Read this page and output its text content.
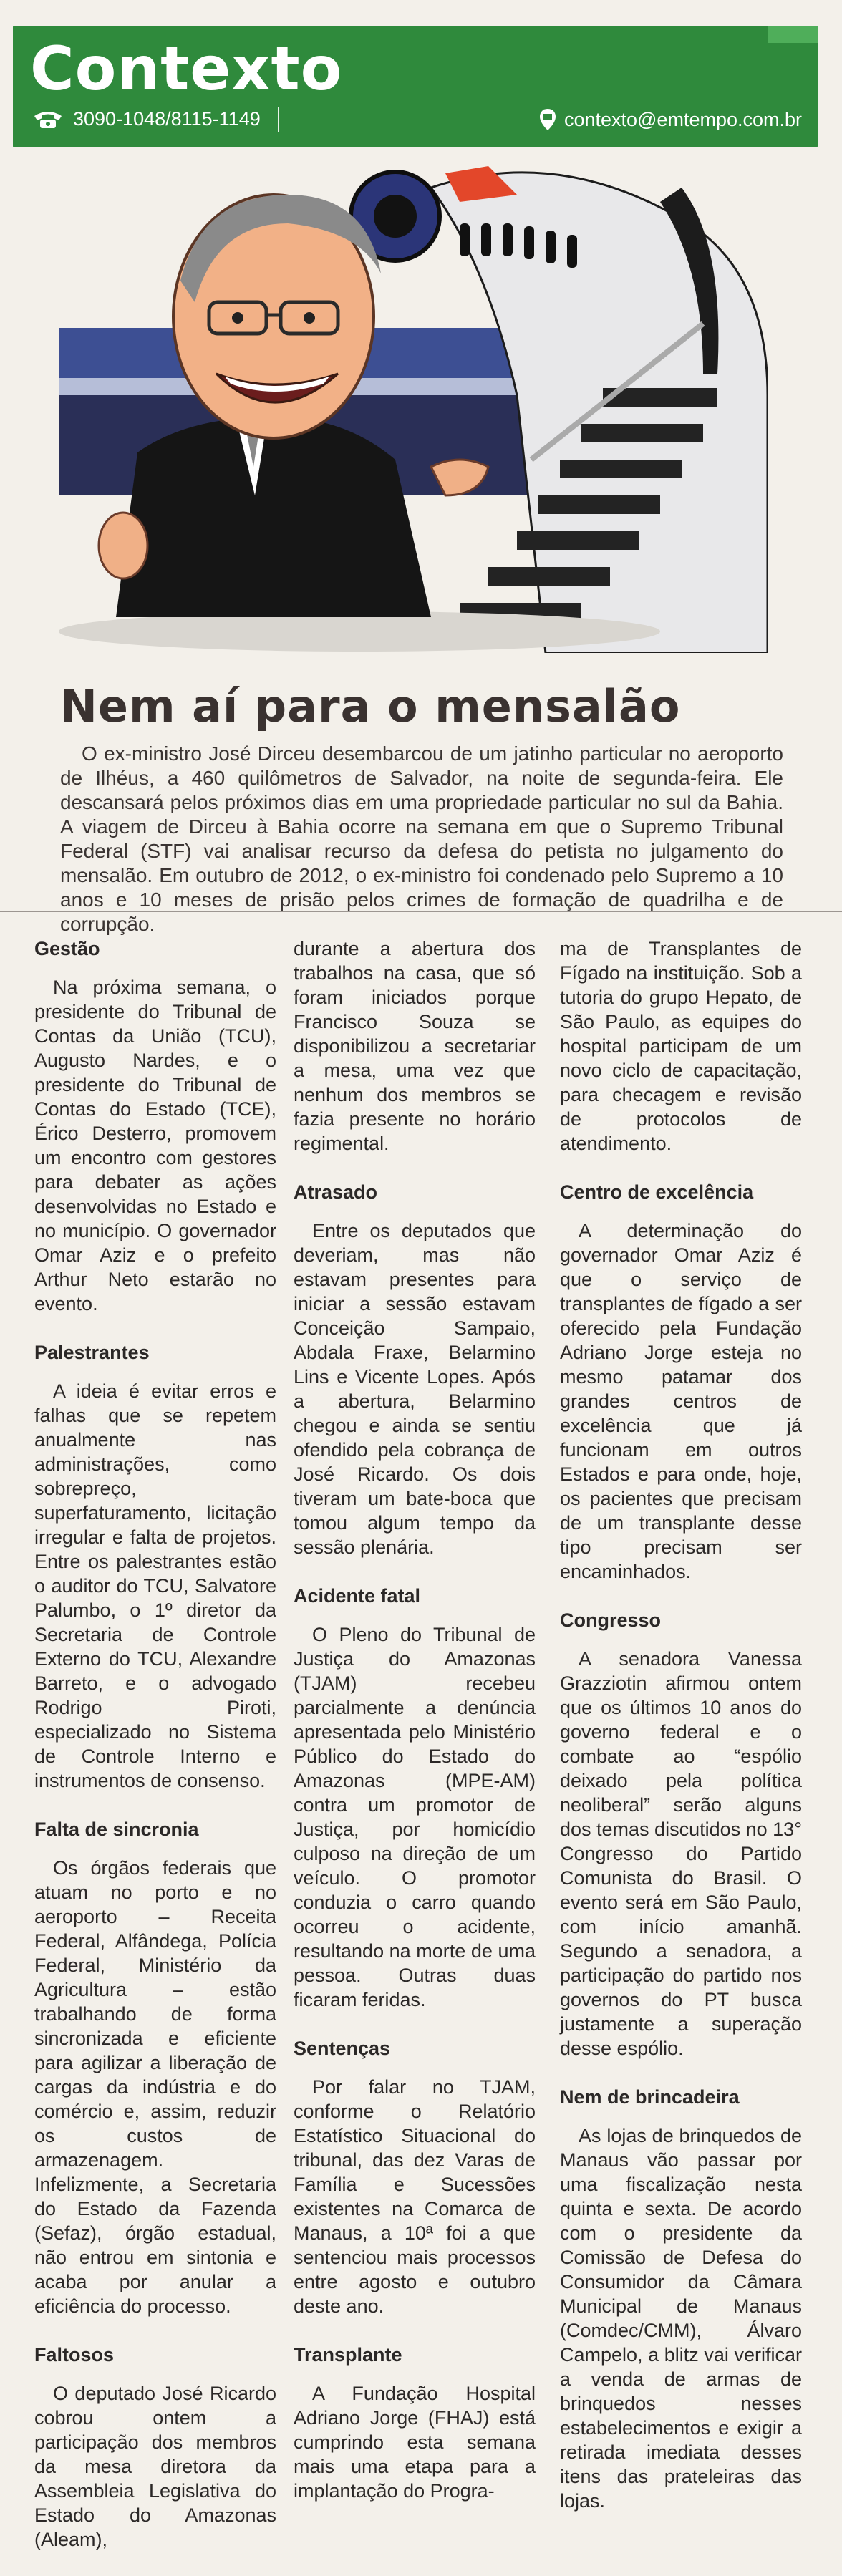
Contexto
3090-1048/8115-1149	contexto@emtempo.com.br
Nem aí para o mensalão

O ex-ministro José Dirceu desembarcou de um jatinho particular no aeroporto de Ilhéus, a 460 quilômetros de Salvador, na noite de segunda-feira. Ele descansará pelos próximos dias em uma propriedade particular no sul da Bahia. A viagem de Dirceu à Bahia ocorre na semana em que o Supremo Tribunal Federal (STF) vai analisar recurso da defesa do petista no julgamento do mensalão. Em outubro de 2012, o ex-ministro foi condenado pelo Supremo a 10 anos e 10 meses de prisão pelos crimes de formação de quadrilha e de corrupção.

Gestão

Na próxima semana, o presidente do Tribunal de Contas da União (TCU), Augusto Nardes, e o presidente do Tribunal de Contas do Estado (TCE), Érico Desterro, promovem um encontro com gestores para debater as ações desenvolvidas no Estado e no município. O governador Omar Aziz e o prefeito Arthur Neto estarão no evento.

Palestrantes

A ideia é evitar erros e falhas que se repetem anualmente nas administrações, como sobrepreço, superfaturamento, licitação irregular e falta de projetos. Entre os palestrantes estão o auditor do TCU, Salvatore Palumbo, o 1º diretor da Secretaria de Controle Externo do TCU, Alexandre Barreto, e o advogado Rodrigo Piroti, especializado no Sistema de Controle Interno e instrumentos de consenso.

Falta de sincronia

Os órgãos federais que atuam no porto e no aeroporto – Receita Federal, Alfândega, Polícia Federal, Ministério da Agricultura – estão trabalhando de forma sincronizada e eficiente para agilizar a liberação de cargas da indústria e do comércio e, assim, reduzir os custos de armazenagem. Infelizmente, a Secretaria do Estado da Fazenda (Sefaz), órgão estadual, não entrou em sintonia e acaba por anular a eficiência do processo.

Faltosos

O deputado José Ricardo cobrou ontem a participação dos membros da mesa diretora da Assembleia Legislativa do Estado do Amazonas (Aleam),

durante a abertura dos trabalhos na casa, que só foram iniciados porque Francisco Souza se disponibilizou a secretariar a mesa, uma vez que nenhum dos membros se fazia presente no horário regimental.

Atrasado

Entre os deputados que deveriam, mas não estavam presentes para iniciar a sessão estavam Conceição Sampaio, Abdala Fraxe, Belarmino Lins e Vicente Lopes. Após a abertura, Belarmino chegou e ainda se sentiu ofendido pela cobrança de José Ricardo. Os dois tiveram um bate-boca que tomou algum tempo da sessão plenária.

Acidente fatal

O Pleno do Tribunal de Justiça do Amazonas (TJAM) recebeu parcialmente a denúncia apresentada pelo Ministério Público do Estado do Amazonas (MPE-AM) contra um promotor de Justiça, por homicídio culposo na direção de um veículo. O promotor conduzia o carro quando ocorreu o acidente, resultando na morte de uma pessoa. Outras duas ficaram feridas.

Sentenças

Por falar no TJAM, conforme o Relatório Estatístico Situacional do tribunal, das dez Varas de Família e Sucessões existentes na Comarca de Manaus, a 10ª foi a que sentenciou mais processos entre agosto e outubro deste ano.

Transplante

A Fundação Hospital Adriano Jorge (FHAJ) está cumprindo esta semana mais uma etapa para a implantação do Progra-

ma de Transplantes de Fígado na instituição. Sob a tutoria do grupo Hepato, de São Paulo, as equipes do hospital participam de um novo ciclo de capacitação, para checagem e revisão de protocolos de atendimento.

Centro de excelência

A determinação do governador Omar Aziz é que o serviço de transplantes de fígado a ser oferecido pela Fundação Adriano Jorge esteja no mesmo patamar dos grandes centros de excelência que já funcionam em outros Estados e para onde, hoje, os pacientes que precisam de um transplante desse tipo precisam ser encaminhados.

Congresso

A senadora Vanessa Grazziotin afirmou ontem que os últimos 10 anos do governo federal e o combate ao “espólio deixado pela política neoliberal” serão alguns dos temas discutidos no 13° Congresso do Partido Comunista do Brasil. O evento será em São Paulo, com início amanhã. Segundo a senadora, a participação do partido nos governos do PT busca justamente a superação desse espólio.

Nem de brincadeira

As lojas de brinquedos de Manaus vão passar por uma fiscalização nesta quinta e sexta. De acordo com o presidente da Comissão de Defesa do Consumidor da Câmara Municipal de Manaus (Comdec/CMM), Álvaro Campelo, a blitz vai verificar a venda de armas de brinquedos nesses estabelecimentos e exigir a retirada imediata desses itens das prateleiras das lojas.
